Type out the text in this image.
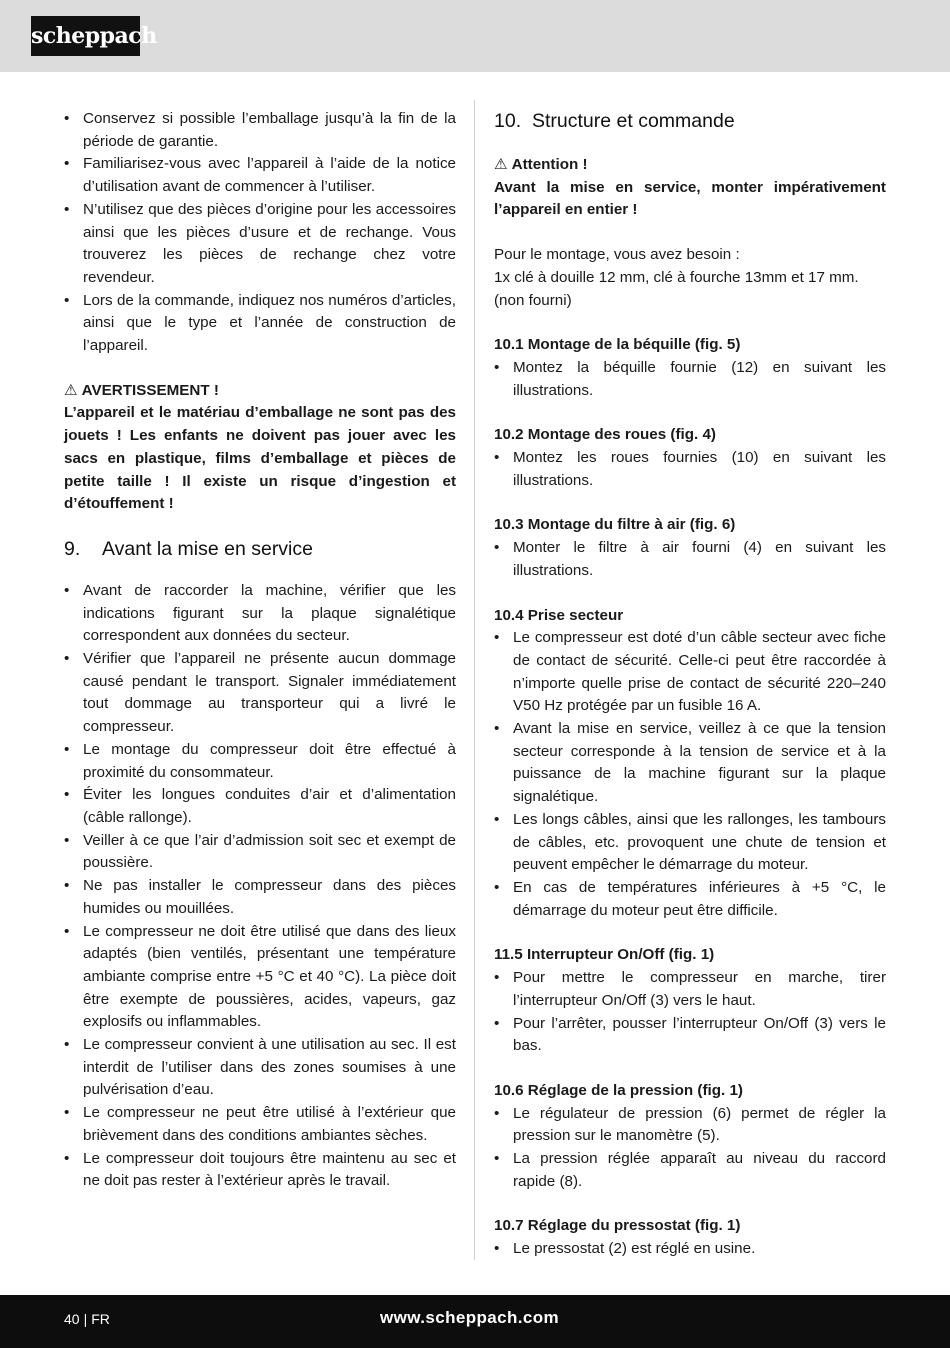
scheppach
• Conservez si possible l’emballage jusqu’à la fin de la période de garantie.
• Familiarisez-vous avec l’appareil à l’aide de la notice d’utilisation avant de commencer à l’utiliser.
• N’utilisez que des pièces d’origine pour les accessoires ainsi que les pièces d’usure et de rechange. Vous trouverez les pièces de rechange chez votre revendeur.
• Lors de la commande, indiquez nos numéros d’articles, ainsi que le type et l’année de construction de l’appareil.
⚠ AVERTISSEMENT !

L’appareil et le matériau d’emballage ne sont pas des jouets ! Les enfants ne doivent pas jouer avec les sacs en plastique, films d’emballage et pièces de petite taille ! Il existe un risque d’ingestion et d’étouffement !

9. Avant la mise en service
• Avant de raccorder la machine, vérifier que les indications figurant sur la plaque signalétique correspondent aux données du secteur.
• Vérifier que l’appareil ne présente aucun dommage causé pendant le transport. Signaler immédiatement tout dommage au transporteur qui a livré le compresseur.
• Le montage du compresseur doit être effectué à proximité du consommateur.
• Éviter les longues conduites d’air et d’alimentation (câble rallonge).
• Veiller à ce que l’air d’admission soit sec et exempt de poussière.
• Ne pas installer le compresseur dans des pièces humides ou mouillées.
• Le compresseur ne doit être utilisé que dans des lieux adaptés (bien ventilés, présentant une température ambiante comprise entre +5 °C et 40 °C). La pièce doit être exempte de poussières, acides, vapeurs, gaz explosifs ou inflammables.
• Le compresseur convient à une utilisation au sec. Il est interdit de l’utiliser dans des zones soumises à une pulvérisation d’eau.
• Le compresseur ne peut être utilisé à l’extérieur que brièvement dans des conditions ambiantes sèches.
• Le compresseur doit toujours être maintenu au sec et ne doit pas rester à l’extérieur après le travail.
10. Structure et commande
⚠ Attention !

Avant la mise en service, monter impérativement l’appareil en entier !

Pour le montage, vous avez besoin :

1x clé à douille 12 mm, clé à fourche 13mm et 17 mm. (non fourni)

10.1 Montage de la béquille (fig. 5)
• Montez la béquille fournie (12) en suivant les illustrations.
10.2 Montage des roues (fig. 4)
• Montez les roues fournies (10) en suivant les illustrations.
10.3 Montage du filtre à air (fig. 6)
• Monter le filtre à air fourni (4) en suivant les illustrations.
10.4 Prise secteur
• Le compresseur est doté d’un câble secteur avec fiche de contact de sécurité. Celle-ci peut être raccordée à n’importe quelle prise de contact de sécurité 220–240 V50 Hz protégée par un fusible 16 A.
• Avant la mise en service, veillez à ce que la tension secteur corresponde à la tension de service et à la puissance de la machine figurant sur la plaque signalétique.
• Les longs câbles, ainsi que les rallonges, les tambours de câbles, etc. provoquent une chute de tension et peuvent empêcher le démarrage du moteur.
• En cas de températures inférieures à +5 °C, le démarrage du moteur peut être difficile.
11.5 Interrupteur On/Off (fig. 1)
• Pour mettre le compresseur en marche, tirer l’interrupteur On/Off (3) vers le haut.
• Pour l’arrêter, pousser l’interrupteur On/Off (3) vers le bas.
10.6 Réglage de la pression (fig. 1)
• Le régulateur de pression (6) permet de régler la pression sur le manomètre (5).
• La pression réglée apparaît au niveau du raccord rapide (8).
10.7 Réglage du pressostat (fig. 1)
• Le pressostat (2) est réglé en usine.
40 | FR	www.scheppach.com
